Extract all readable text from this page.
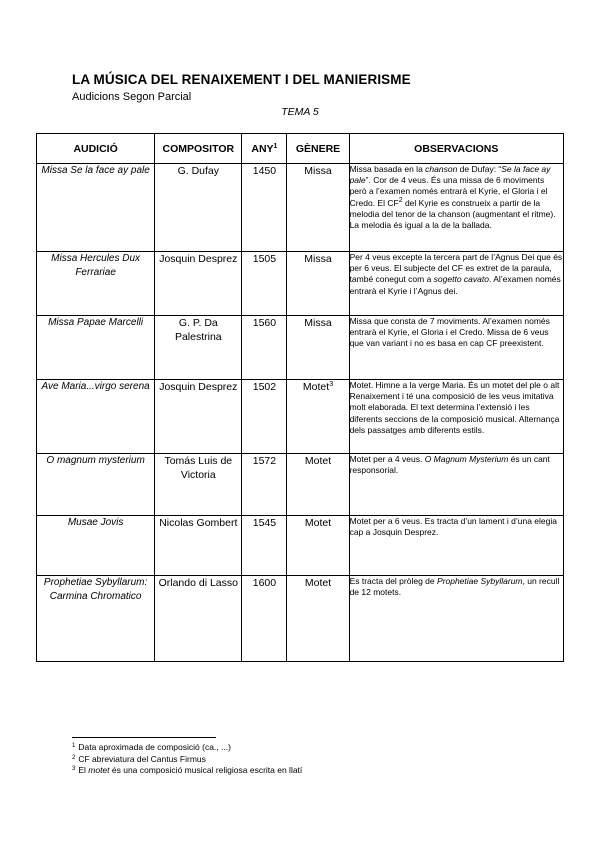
LA MÚSICA DEL RENAIXEMENT I DEL MANIERISME
Audicions Segon Parcial
TEMA 5
AUDICIÓ	COMPOSITOR	ANY$^1$	GÈNERE	OBSERVACIONS
Missa Se la face ay pale	G. Dufay	1450	Missa	Missa basada en la chanson de Dufay: “Se la face ay pale”. Cor de 4 veus. És una missa de 6 moviments però a l’examen només entrarà el Kyrie, el Gloria i el Credo. El $CF^2$ del Kyrie es construeix a partir de la melodia del tenor de la chanson (augmentant el ritme). La melodia és igual a la de la ballada.
Missa Hercules Dux Ferrariae	Josquin Desprez	1505	Missa	Per 4 veus excepte la tercera part de l’Agnus Dei que és per 6 veus. El subjecte del CF es extret de la paraula, també conegut com a sogetto cavato. Al’examen només entrarà el Kyrie i l’Agnus dei.
Missa Papae Marcelli	G. P. Da Palestrina	1560	Missa	Missa que consta de 7 moviments. Al’examen només entrarà el Kyrie, el Gloria i el Credo. Missa de 6 veus que van variant i no es basa en cap CF preexistent.
Ave Maria...virgo serena	Josquin Desprez	1502	Motet$^3$	Motet. Himne a la verge Maria. És un motet del ple o alt Renaixement i té una composició de les veus imitativa molt elaborada. El text determina l’extensió i les diferents seccions de la composició musical. Alternança dels passatges amb diferents estils.
O magnum mysterium	Tomás Luis de Victoria	1572	Motet	Motet per a 4 veus. O Magnum Mysterium és un cant responsorial.
Musae Jovis	Nicolas Gombert	1545	Motet	Motet per a 6 veus. Es tracta d’un lament i d’una elegia cap a Josquin Desprez.
Prophetiae Sybyllarum: Carmina Chromatico	Orlando di Lasso	1600	Motet	Es tracta del pròleg de Prophetiae Sybyllarum, un recull de 12 motets.
$^1$ Data aproximada de composició (ca., ...)
$^2$ CF abreviatura del Cantus Firmus
$^3$ El motet és una composició musical religiosa escrita en llatí
